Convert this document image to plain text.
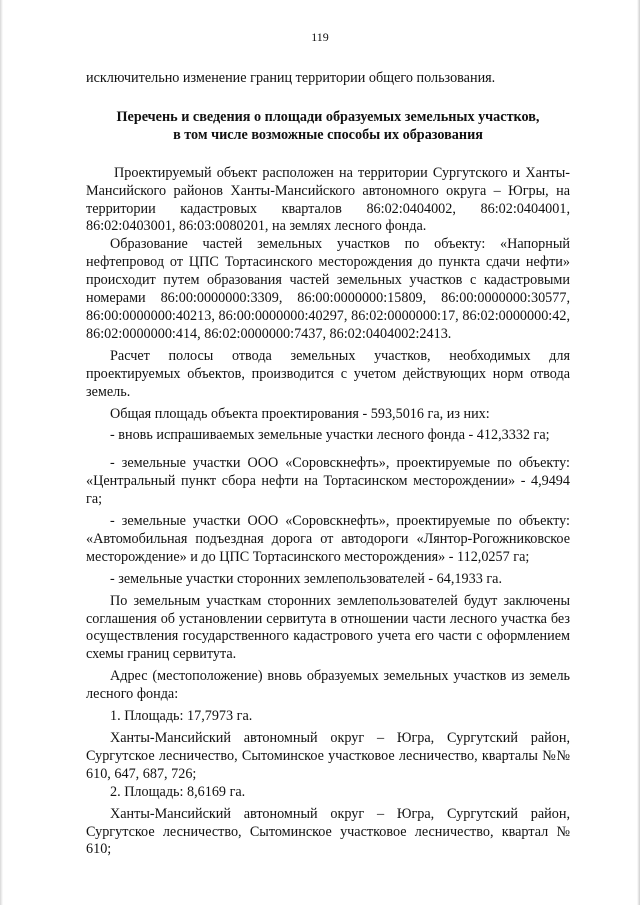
119

исключительно изменение границ территории общего пользования.

Перечень и сведения о площади образуемых земельных участков,
в том числе возможные способы их образования

Проектируемый объект расположен на территории Сургутского и Ханты-Мансийского районов Ханты-Мансийского автономного округа – Югры, на территории кадастровых кварталов 86:02:0404002, 86:02:0404001, 86:02:0403001, 86:03:0080201, на землях лесного фонда.

Образование частей земельных участков по объекту: «Напорный нефтепровод от ЦПС Тортасинского месторождения до пункта сдачи нефти» происходит путем образования частей земельных участков с кадастровыми номерами 86:00:0000000:3309, 86:00:0000000:15809, 86:00:0000000:30577, 86:00:0000000:40213, 86:00:0000000:40297, 86:02:0000000:17, 86:02:0000000:42, 86:02:0000000:414, 86:02:0000000:7437, 86:02:0404002:2413.

Расчет полосы отвода земельных участков, необходимых для проектируемых объектов, производится с учетом действующих норм отвода земель.

Общая площадь объекта проектирования - 593,5016 га, из них:

- вновь испрашиваемых земельные участки лесного фонда - 412,3332 га;

- земельные участки ООО «Соровскнефть», проектируемые по объекту: «Центральный пункт сбора нефти на Тортасинском месторождении» - 4,9494 га;

- земельные участки ООО «Соровскнефть», проектируемые по объекту: «Автомобильная подъездная дорога от автодороги «Лянтор-Рогожниковское месторождение» и до ЦПС Тортасинского месторождения» - 112,0257 га;

- земельные участки сторонних землепользователей - 64,1933 га.

По земельным участкам сторонних землепользователей будут заключены соглашения об установлении сервитута в отношении части лесного участка без осуществления государственного кадастрового учета его части с оформлением схемы границ сервитута.

Адрес (местоположение) вновь образуемых земельных участков из земель лесного фонда:

1. Площадь: 17,7973 га.

Ханты-Мансийский автономный округ – Югра, Сургутский район, Сургутское лесничество, Сытоминское участковое лесничество, кварталы №№ 610, 647, 687, 726;

2. Площадь: 8,6169 га.

Ханты-Мансийский автономный округ – Югра, Сургутский район, Сургутское лесничество, Сытоминское участковое лесничество, квартал № 610;
